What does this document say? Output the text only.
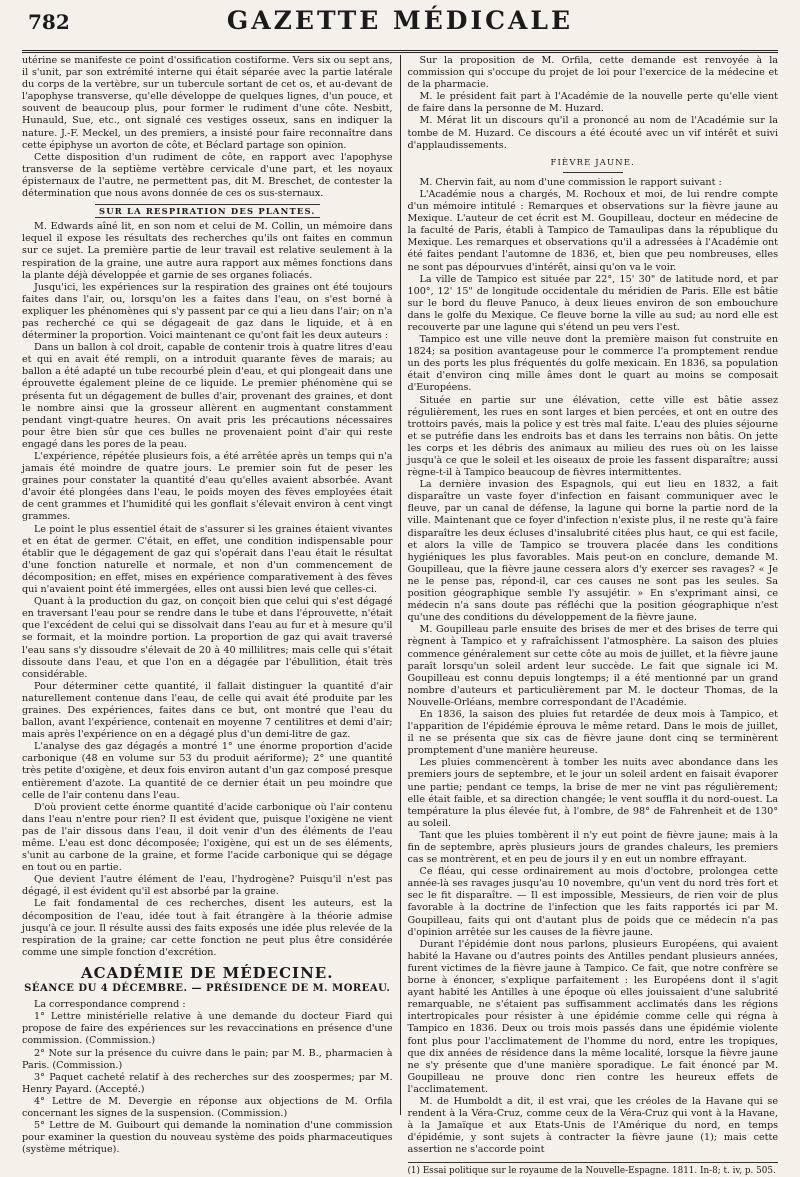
782	GAZETTE MÉDICALE

utérine se manifeste ce point d'ossification costiforme. Vers six ou sept ans, il s'unit, par son extrémité interne qui était séparée avec la partie latérale du corps de la vertèbre, sur un tubercule sortant de cet os, et au-devant de l'apophyse transverse, qu'elle développe de quelques lignes, d'un pouce, et souvent de beaucoup plus, pour former le rudiment d'une côte. Nesbitt, Hunauld, Sue, etc., ont signalé ces vestiges osseux, sans en indiquer la nature. J.-F. Meckel, un des premiers, a insisté pour faire reconnaître dans cette épiphyse un avorton de côte, et Béclard partage son opinion.

Cette disposition d'un rudiment de côte, en rapport avec l'apophyse transverse de la septième vertèbre cervicale d'une part, et les noyaux épisternaux de l'autre, ne permettent pas, dit M. Breschet, de contester la détermination que nous avons donnée de ces os sus-sternaux.

SUR LA RESPIRATION DES PLANTES.

M. Edwards aîné lit, en son nom et celui de M. Collin, un mémoire dans lequel il expose les résultats des recherches qu'ils ont faites en commun sur ce sujet. La première partie de leur travail est relative seulement à la respiration de la graine, une autre aura rapport aux mêmes fonctions dans la plante déjà développée et garnie de ses organes foliacés.

Jusqu'ici, les expériences sur la respiration des graines ont été toujours faites dans l'air, ou, lorsqu'on les a faites dans l'eau, on s'est borné à expliquer les phénomènes qui s'y passent par ce qui a lieu dans l'air; on n'a pas recherché ce qui se dégageait de gaz dans le liquide, et à en déterminer la proportion. Voici maintenant ce qu'ont fait les deux auteurs :

Dans un ballon à col droit, capable de contenir trois à quatre litres d'eau et qui en avait été rempli, on a introduit quarante fèves de marais; au ballon a été adapté un tube recourbé plein d'eau, et qui plongeait dans une éprouvette également pleine de ce liquide. Le premier phénomène qui se présenta fut un dégagement de bulles d'air, provenant des graines, et dont le nombre ainsi que la grosseur allèrent en augmentant constamment pendant vingt-quatre heures. On avait pris les précautions nécessaires pour être bien sûr que ces bulles ne provenaient point d'air qui reste engagé dans les pores de la peau.

L'expérience, répétée plusieurs fois, a été arrêtée après un temps qui n'a jamais été moindre de quatre jours. Le premier soin fut de peser les graines pour constater la quantité d'eau qu'elles avaient absorbée. Avant d'avoir été plongées dans l'eau, le poids moyen des fèves employées était de cent grammes et l'humidité qui les gonflait s'élevait environ à cent vingt grammes.

Le point le plus essentiel était de s'assurer si les graines étaient vivantes et en état de germer. C'était, en effet, une condition indispensable pour établir que le dégagement de gaz qui s'opérait dans l'eau était le résultat d'une fonction naturelle et normale, et non d'un commencement de décomposition; en effet, mises en expérience comparativement à des fèves qui n'avaient point été immergées, elles ont aussi bien levé que celles-ci.

Quant à la production du gaz, on conçoit bien que celui qui s'est dégagé en traversant l'eau pour se rendre dans le tube et dans l'éprouvette, n'était que l'excédent de celui qui se dissolvait dans l'eau au fur et à mesure qu'il se formait, et la moindre portion. La proportion de gaz qui avait traversé l'eau sans s'y dissoudre s'élevait de 20 à 40 millilitres; mais celle qui s'était dissoute dans l'eau, et que l'on en a dégagée par l'ébullition, était très considérable.

Pour déterminer cette quantité, il fallait distinguer la quantité d'air naturellement contenue dans l'eau, de celle qui avait été produite par les graines. Des expériences, faites dans ce but, ont montré que l'eau du ballon, avant l'expérience, contenait en moyenne 7 centilitres et demi d'air; mais après l'expérience on en a dégagé plus d'un demi-litre de gaz.

L'analyse des gaz dégagés a montré 1° une énorme proportion d'acide carbonique (48 en volume sur 53 du produit aériforme); 2° une quantité très petite d'oxigène, et deux fois environ autant d'un gaz composé presque entièrement d'azote. La quantité de ce dernier était un peu moindre que celle de l'air contenu dans l'eau.

D'où provient cette énorme quantité d'acide carbonique où l'air contenu dans l'eau n'entre pour rien? Il est évident que, puisque l'oxigène ne vient pas de l'air dissous dans l'eau, il doit venir d'un des éléments de l'eau même. L'eau est donc décomposée; l'oxigène, qui est un de ses éléments, s'unit au carbone de la graine, et forme l'acide carbonique qui se dégage en tout ou en partie.

Que devient l'autre élément de l'eau, l'hydrogène? Puisqu'il n'est pas dégagé, il est évident qu'il est absorbé par la graine.

Le fait fondamental de ces recherches, disent les auteurs, est la décomposition de l'eau, idée tout à fait étrangère à la théorie admise jusqu'à ce jour. Il résulte aussi des faits exposés une idée plus relevée de la respiration de la graine; car cette fonction ne peut plus être considérée comme une simple fonction d'excrétion.

ACADÉMIE DE MÉDECINE.
SÉANCE DU 4 DÉCEMBRE. — PRÉSIDENCE DE M. MOREAU.

La correspondance comprend :

1° Lettre ministérielle relative à une demande du docteur Fiard qui propose de faire des expériences sur les revaccinations en présence d'une commission. (Commission.)

2° Note sur la présence du cuivre dans le pain; par M. B., pharmacien à Paris. (Commission.)

3° Paquet cacheté relatif à des recherches sur des zoospermes; par M. Henry Payard. (Accepté.)

4° Lettre de M. Devergie en réponse aux objections de M. Orfila concernant les signes de la suspension. (Commission.)

5° Lettre de M. Guibourt qui demande la nomination d'une commission pour examiner la question du nouveau système des poids pharmaceutiques (système métrique).

Sur la proposition de M. Orfila, cette demande est renvoyée à la commission qui s'occupe du projet de loi pour l'exercice de la médecine et de la pharmacie.

M. le président fait part à l'Académie de la nouvelle perte qu'elle vient de faire dans la personne de M. Huzard.

M. Mérat lit un discours qu'il a prononcé au nom de l'Académie sur la tombe de M. Huzard. Ce discours a été écouté avec un vif intérêt et suivi d'applaudissements.

FIÈVRE JAUNE.

M. Chervin fait, au nom d'une commission le rapport suivant :

L'Académie nous a chargés, M. Rochoux et moi, de lui rendre compte d'un mémoire intitulé : Remarques et observations sur la fièvre jaune au Mexique. L'auteur de cet écrit est M. Goupilleau, docteur en médecine de la faculté de Paris, établi à Tampico de Tamaulipas dans la république du Mexique. Les remarques et observations qu'il a adressées à l'Académie ont été faites pendant l'automne de 1836, et, bien que peu nombreuses, elles ne sont pas dépourvues d'intérêt, ainsi qu'on va le voir.

La ville de Tampico est située par 22°, 15' 30" de latitude nord, et par 100°, 12' 15" de longitude occidentale du méridien de Paris. Elle est bâtie sur le bord du fleuve Panuco, à deux lieues environ de son embouchure dans le golfe du Mexique. Ce fleuve borne la ville au sud; au nord elle est recouverte par une lagune qui s'étend un peu vers l'est.

Tampico est une ville neuve dont la première maison fut construite en 1824; sa position avantageuse pour le commerce l'a promptement rendue un des ports les plus fréquentés du golfe mexicain. En 1836, sa population était d'environ cinq mille âmes dont le quart au moins se composait d'Européens.

Située en partie sur une élévation, cette ville est bâtie assez régulièrement, les rues en sont larges et bien percées, et ont en outre des trottoirs pavés, mais la police y est très mal faite. L'eau des pluies séjourne et se putréfie dans les endroits bas et dans les terrains non bâtis. On jette les corps et les débris des animaux au milieu des rues où on les laisse jusqu'à ce que le soleil et les oiseaux de proie les fassent disparaître; aussi règne-t-il à Tampico beaucoup de fièvres intermittentes.

La dernière invasion des Espagnols, qui eut lieu en 1832, a fait disparaître un vaste foyer d'infection en faisant communiquer avec le fleuve, par un canal de défense, la lagune qui borne la partie nord de la ville. Maintenant que ce foyer d'infection n'existe plus, il ne reste qu'à faire disparaître les deux écluses d'insalubrité citées plus haut, ce qui est facile, et alors la ville de Tampico se trouvera placée dans les conditions hygiéniques les plus favorables. Mais peut-on en conclure, demande M. Goupilleau, que la fièvre jaune cessera alors d'y exercer ses ravages? « Je ne le pense pas, répond-il, car ces causes ne sont pas les seules. Sa position géographique semble l'y assujétir. » En s'exprimant ainsi, ce médecin n'a sans doute pas réfléchi que la position géographique n'est qu'une des conditions du développement de la fièvre jaune.

M. Goupilleau parle ensuite des brises de mer et des brises de terre qui règnent à Tampico et y rafraîchissent l'atmosphère. La saison des pluies commence généralement sur cette côte au mois de juillet, et la fièvre jaune paraît lorsqu'un soleil ardent leur succède. Le fait que signale ici M. Goupilleau est connu depuis longtemps; il a été mentionné par un grand nombre d'auteurs et particulièrement par M. le docteur Thomas, de la Nouvelle-Orléans, membre correspondant de l'Académie.

En 1836, la saison des pluies fut retardée de deux mois à Tampico, et l'apparition de l'épidémie éprouva le même retard. Dans le mois de juillet, il ne se présenta que six cas de fièvre jaune dont cinq se terminèrent promptement d'une manière heureuse.

Les pluies commencèrent à tomber les nuits avec abondance dans les premiers jours de septembre, et le jour un soleil ardent en faisait évaporer une partie; pendant ce temps, la brise de mer ne vint pas régulièrement; elle était faible, et sa direction changée; le vent souffla it du nord-ouest. La température la plus élevée fut, à l'ombre, de 98° de Fahrenheit et de 130° au soleil.

Tant que les pluies tombèrent il n'y eut point de fièvre jaune; mais à la fin de septembre, après plusieurs jours de grandes chaleurs, les premiers cas se montrèrent, et en peu de jours il y en eut un nombre effrayant.

Ce fléau, qui cesse ordinairement au mois d'octobre, prolongea cette année-là ses ravages jusqu'au 10 novembre, qu'un vent du nord très fort et sec le fit disparaître. — Il est impossible, Messieurs, de rien voir de plus favorable à la doctrine de l'infection que les faits rapportés ici par M. Goupilleau, faits qui ont d'autant plus de poids que ce médecin n'a pas d'opinion arrêtée sur les causes de la fièvre jaune.

Durant l'épidémie dont nous parlons, plusieurs Européens, qui avaient habité la Havane ou d'autres points des Antilles pendant plusieurs années, furent victimes de la fièvre jaune à Tampico. Ce fait, que notre confrère se borne à énoncer, s'explique parfaitement : les Européens dont il s'agit ayant habité les Antilles à une époque où elles jouissaient d'une salubrité remarquable, ne s'étaient pas suffisamment acclimatés dans les régions intertropicales pour résister à une épidémie comme celle qui régna à Tampico en 1836. Deux ou trois mois passés dans une épidémie violente font plus pour l'acclimatement de l'homme du nord, entre les tropiques, que dix années de résidence dans la même localité, lorsque la fièvre jaune ne s'y présente que d'une manière sporadique. Le fait énoncé par M. Goupilleau ne prouve donc rien contre les heureux effets de l'acclimatement.

M. de Humboldt a dit, il est vrai, que les créoles de la Havane qui se rendent à la Véra-Cruz, comme ceux de la Véra-Cruz qui vont à la Havane, à la Jamaïque et aux Etats-Unis de l'Amérique du nord, en temps d'épidémie, y sont sujets à contracter la fièvre jaune (1); mais cette assertion ne s'accorde point

(1) Essai politique sur le royaume de la Nouvelle-Espagne. 1811. In-8; t. iv, p. 505.
